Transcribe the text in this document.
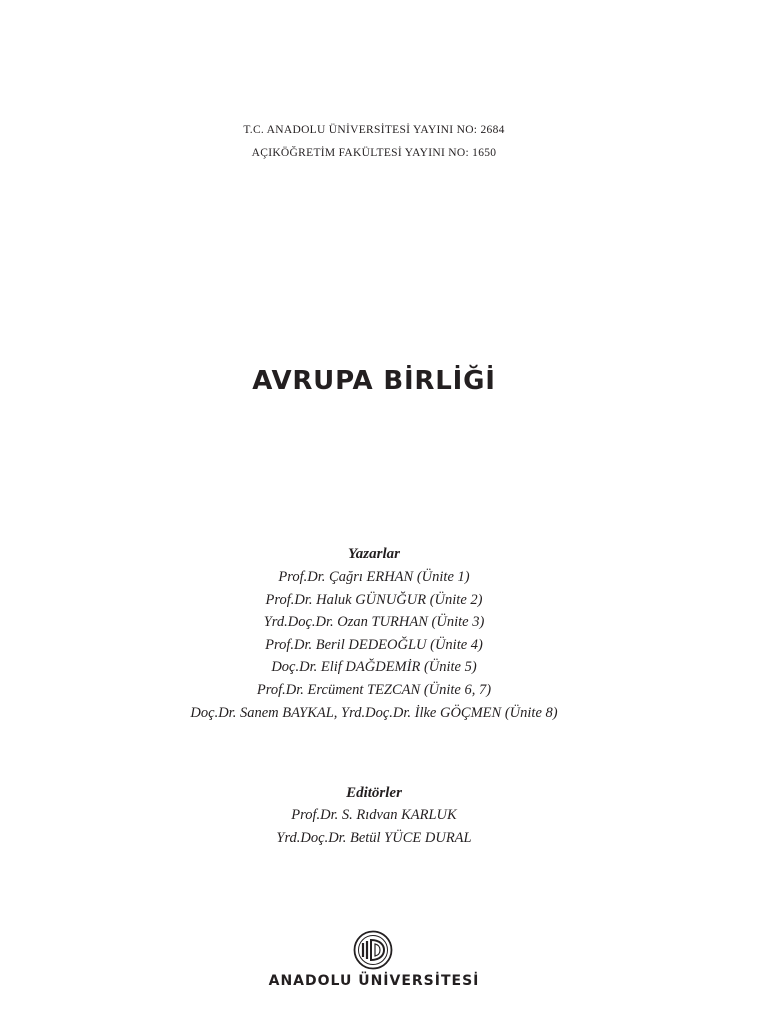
T.C. ANADOLU ÜNİVERSİTESİ YAYINI NO: 2684
AÇIKÖĞRETİM FAKÜLTESİ YAYINI NO: 1650
AVRUPA BİRLİĞİ
Yazarlar
Prof.Dr. Çağrı ERHAN (Ünite 1)
Prof.Dr. Haluk GÜNUĞUR (Ünite 2)
Yrd.Doç.Dr. Ozan TURHAN (Ünite 3)
Prof.Dr. Beril DEDEOĞLU (Ünite 4)
Doç.Dr. Elif DAĞDEMİR (Ünite 5)
Prof.Dr. Ercüment TEZCAN (Ünite 6, 7)
Doç.Dr. Sanem BAYKAL, Yrd.Doç.Dr. İlke GÖÇMEN (Ünite 8)
Editörler
Prof.Dr. S. Rıdvan KARLUK
Yrd.Doç.Dr. Betül YÜCE DURAL
ANADOLU ÜNİVERSİTESİ
